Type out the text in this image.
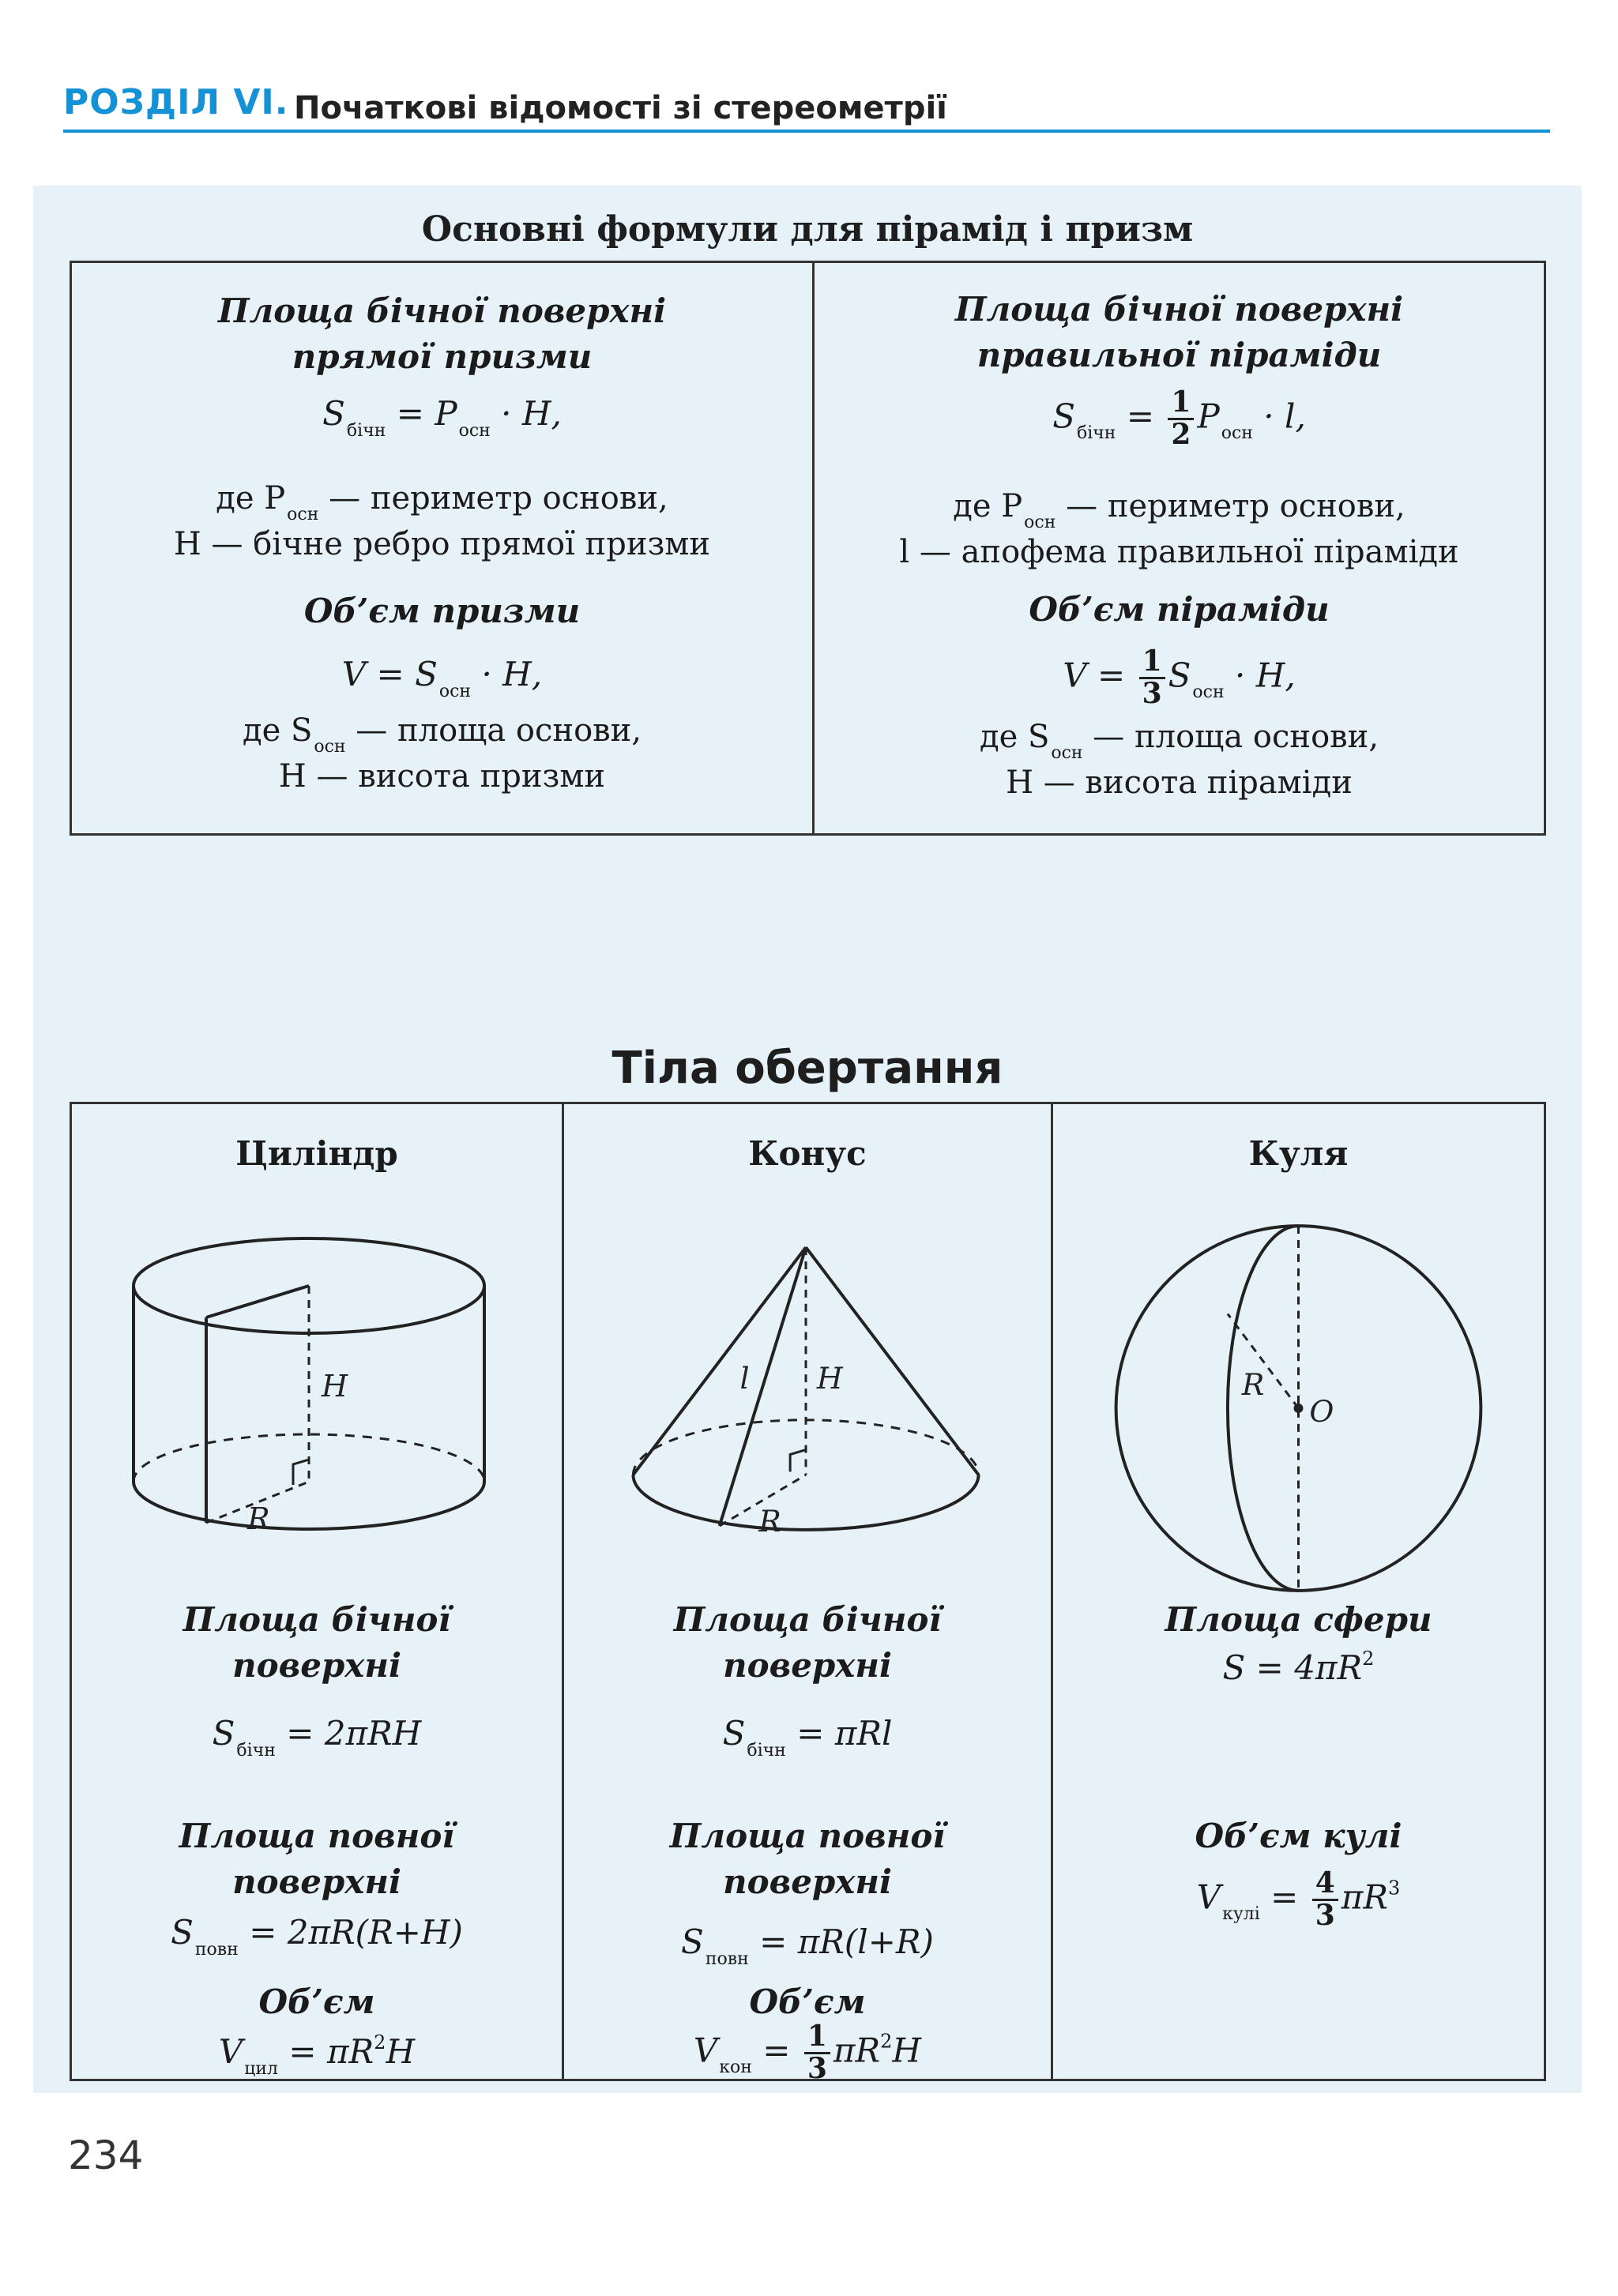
РОЗДІЛ VI. Початкові відомості зі стереометрії
Основні формули для пірамід і призм
Площа бічної поверхні
прямої призми
$S_{бічн} = P_{осн} \cdot H$,
де $P_{осн}$ — периметр основи,
H — бічне ребро прямої призми
Об’єм призми
$V = S_{осн} \cdot H$,
де $S_{осн}$ — площа основи,
H — висота призми
Площа бічної поверхні
правильної піраміди
$S_{бічн} = \frac{1}{2} P_{осн} \cdot l$,
де $P_{осн}$ — периметр основи,
l — апофема правильної піраміди
Об’єм піраміди
$V = \frac{1}{3} S_{осн} \cdot H$,
де $S_{осн}$ — площа основи,
H — висота піраміди
Тіла обертання
Циліндр
H
R
Площа бічної
поверхні
$S_{бічн} = 2\pi RH$
Площа повної
поверхні
$S_{повн} = 2\pi R(R+H)$
Об’єм
$V_{цил} = \pi R^2H$
Конус
l H
R
Площа бічної
поверхні
$S_{бічн} = \pi Rl$
Площа повної
поверхні
$S_{повн} = \pi R(l+R)$
Об’єм
$V_{кон} = \frac{1}{3} \pi R^2H$
Куля
R
O
Площа сфери
$S = 4\pi R^2$
Об’єм кулі
$V_{кулі} = \frac{4}{3} \pi R^3$
234
